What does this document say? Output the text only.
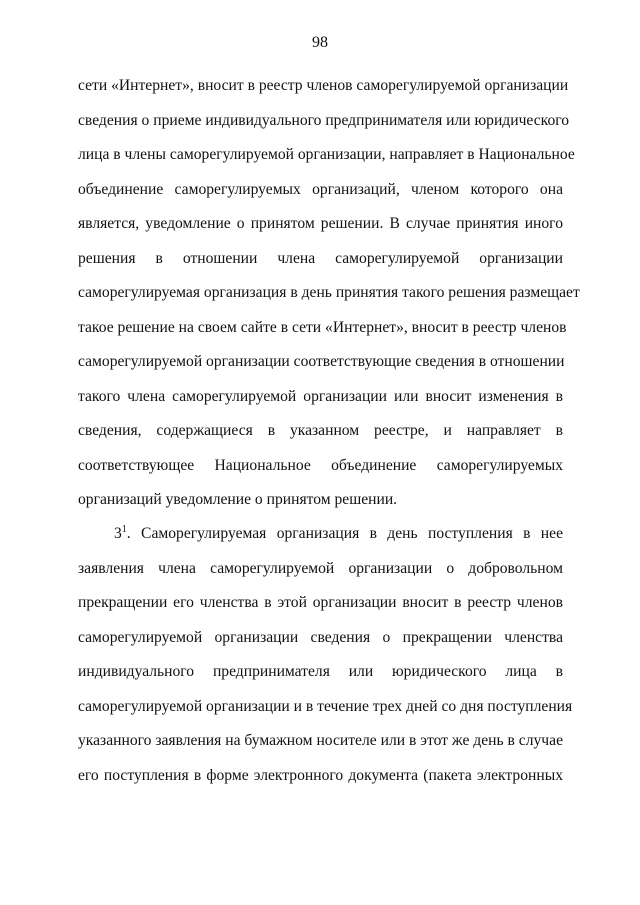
98
сети «Интернет», вносит в реестр членов саморегулируемой организации
сведения о приеме индивидуального предпринимателя или юридического
лица в члены саморегулируемой организации, направляет в Национальное
объединение саморегулируемых организаций, членом которого она
является, уведомление о принятом решении. В случае принятия иного
решения в отношении члена саморегулируемой организации
саморегулируемая организация в день принятия такого решения размещает
такое решение на своем сайте в сети «Интернет», вносит в реестр членов
саморегулируемой организации соответствующие сведения в отношении
такого члена саморегулируемой организации или вносит изменения в
сведения, содержащиеся в указанном реестре, и направляет в
соответствующее Национальное объединение саморегулируемых
организаций уведомление о принятом решении.
$3^1$. Саморегулируемая организация в день поступления в нее
заявления члена саморегулируемой организации о добровольном
прекращении его членства в этой организации вносит в реестр членов
саморегулируемой организации сведения о прекращении членства
индивидуального предпринимателя или юридического лица в
саморегулируемой организации и в течение трех дней со дня поступления
указанного заявления на бумажном носителе или в этот же день в случае
его поступления в форме электронного документа (пакета электронных
